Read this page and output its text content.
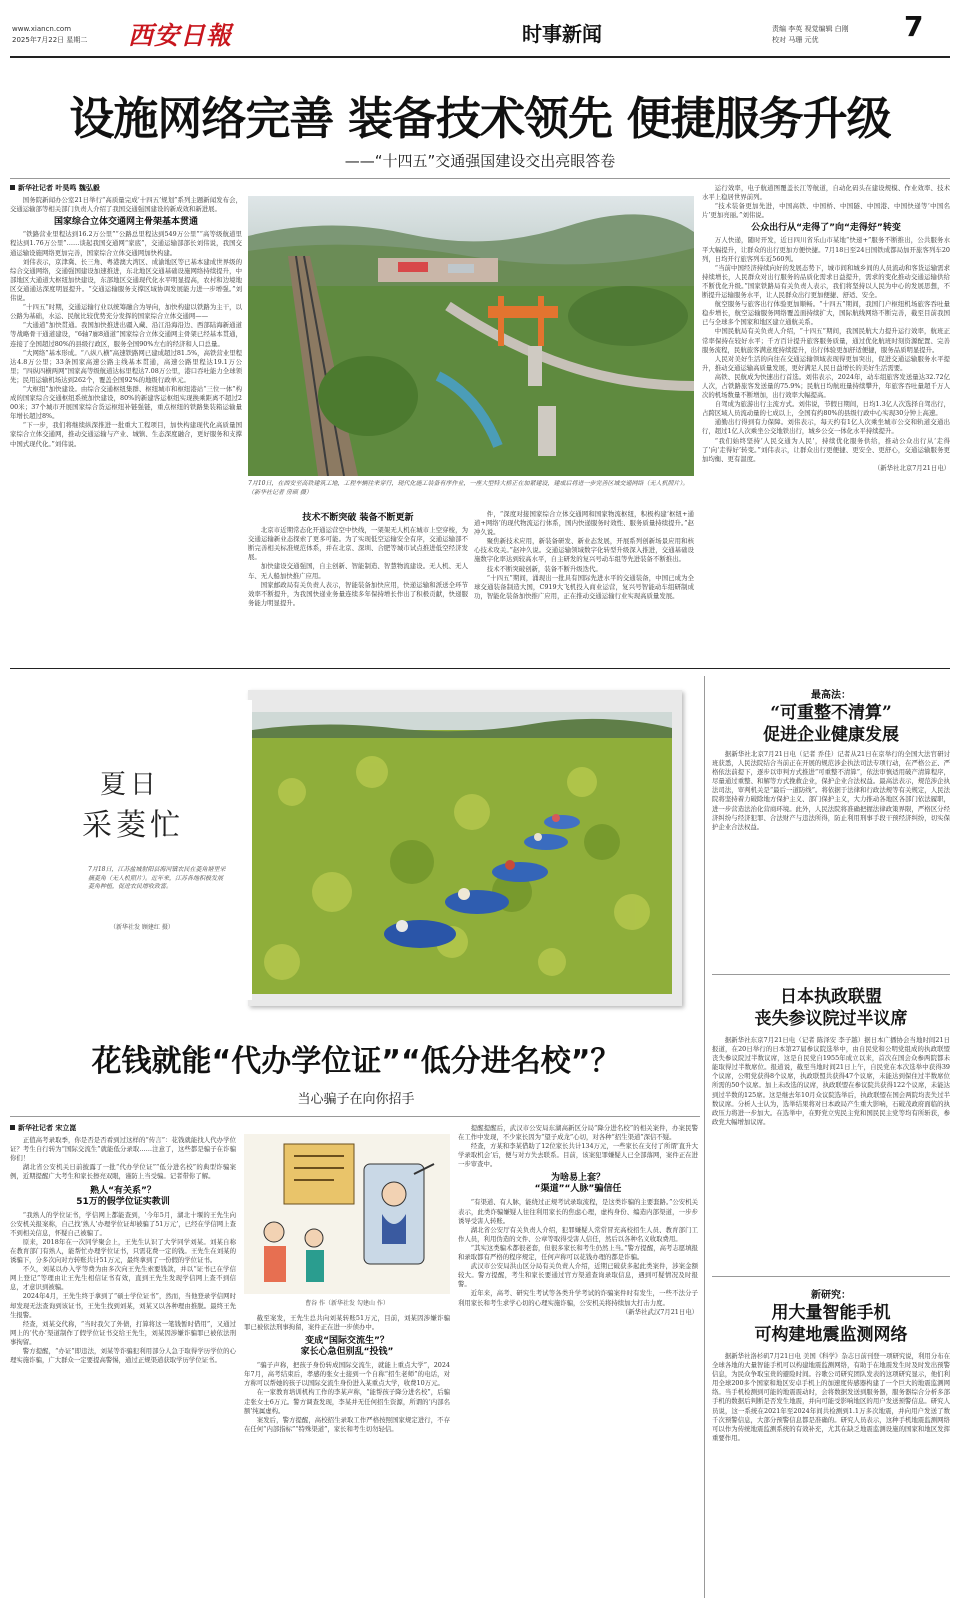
www.xiancn.com
2025年7月22日 星期二 西安日報	时事新闻	责编 李英 视觉编辑 白刚
校对 马珊 元优	7
设施网络完善 装备技术领先 便捷服务升级
——“十四五”交通强国建设交出亮眼答卷
新华社记者 叶昊鸣 魏弘毅

国务院新闻办公室21日举行“高质量完成‘十四五’规划”系列主题新闻发布会，交通运输部等相关部门负责人介绍了我国交通强国建设的新成效和新进展。

国家综合立体交通网主骨架基本贯通

“铁路营业里程达到16.2万公里”“公路总里程达到549万公里”“高等级航道里程达到1.76万公里”……谈起我国交通网“家底”，交通运输部部长刘伟说，我国交通运输设施网络更加完善，国家综合立体交通网加快构建。

刘伟表示，京津冀、长三角、粤港澳大湾区、成渝地区等已基本建成世界级的综合交通网络，交通强国建设加速推进，东北地区交通基础设施网络持续提升，中部地区大通道大枢纽加快建设，东部地区交通现代化水平明显提高，农村和边境地区交通通达深度明显提升。“交通运输服务支撑区域协调发展能力进一步增强。”刘伟说。

“十四五”时期，交通运输行业以统筹融合为导向，加快构建以铁路为主干，以公路为基础，水运、民航比较优势充分发挥的国家综合立体交通网——

“大通道”加快贯通。我国加快推进出疆入藏、沿江沿海沿边、西部陆海新通道等战略骨干通道建设，“6轴7廊8通道”国家综合立体交通网主骨架已经基本贯通，连接了全国超过80%的县级行政区，服务全国90%左右的经济和人口总量。

“大网络”基本形成。“八纵八横”高速铁路网已建成超过81.5%，高铁营业里程达4.8万公里；33条国家高速公路主线基本贯通，高速公路里程达19.1万公里；“四纵四横两网”国家高等级航道达标里程达7.08万公里，港口吞吐能力全球领先；民用运输机场达到262个，覆盖全国92%的地级行政单元。

“大枢纽”加快建设。由综合交通枢纽集群、枢纽城市和枢纽港站“三位一体”构成的国家综合交通枢纽系统加快建设，80%的新建客运枢纽实现换乘距离不超过200米；37个城市开展国家综合货运枢纽补链强链，重点枢纽的铁路集装箱运输量年增长超过8%。

“下一步，我们将继续纵深推进一批重大工程项目，加快构建现代化高质量国家综合立体交通网，推动交通运输与产业、城镇、生态深度融合，更好服务和支撑中国式现代化。”刘伟说。

7月10日，在西安至高铁建筑工地，工程车辆往来穿行，现代化施工装备有序作业，一座大型特大桥正在加紧建设，建成后将进一步完善区域交通网络（无人机照片）。（新华社记者 房硕 摄）
技术不断突破 装备不断更新

北京市近期常态化开通运营空中快线，一架架无人机在城市上空穿梭，为交通运输新业态探索了更多可能。为了实现低空运输安全有序，交通运输部不断完善相关标准规范体系，并在北京、深圳、合肥等城市试点推进低空经济发展。

加快建设交通强国，自主创新、智能制造、智慧物流建设。无人机、无人车、无人船加快推广应用。

国家邮政局有关负责人表示，智能装备加快应用，快递运输和派送全环节效率不断提升，为我国快递业务量连续多年保持增长作出了积极贡献，快递服务能力明显提升。

件，“深度对接国家综合立体交通网和国家物流枢纽，积极构建‘枢纽+通道+网络’的现代物流运行体系，国内快递服务时效性、服务质量持续提升。”赵冲久说。

聚焦新技术应用，新装备研发、新业态发展，开展系列创新场景应用和核心技术攻关。”赵冲久说。交通运输领域数字化转型升级深入推进，交通基础设施数字化率达到较高水平，自主研发的复兴号动车组等先进装备不断推出。

技术不断突破创新，装备不断升级迭代。

“十四五”期间，涌现出一批具有国际先进水平的交通装备，中国已成为全球交通装备制造大国，C919大飞机投入商业运营，复兴号智能动车组研制成功，智能化装备加快推广应用，正在推动交通运输行业实现高质量发展。

运行效率，电子航道图覆盖长江等航道，自动化码头在建设规模、作业效率、技术水平上稳居世界前列。

“技术装备更加先进，中国高铁、中国桥、中国隧、中国港、中国快递等‘中国名片’更加亮丽。”刘伟说。

公众出行从“走得了”向“走得好”转变

万人快递，随时开发，近日四川省乐山市某地“快递+”服务不断推出，公共服务水平大幅提升，让群众的出行更加方便快捷。7月18日至24日国铁成都局加开旅客列车20列，日均开行旅客列车近560列。

“当前中国经济持续向好的发展态势下，城市间和城乡间的人员流动和客货运输需求持续增长，人民群众对出行服务的品质化需求日益提升，需求的变化推动交通运输供给不断优化升级。”国家铁路局有关负责人表示，我们将坚持以人民为中心的发展思想，不断提升运输服务水平，让人民群众出行更加便捷、舒适、安全。

航空服务与旅客出行体验更加顺畅。“十四五”期间，我国门户枢纽机场旅客吞吐量稳步增长，航空运输服务网络覆盖面持续扩大，国际航线网络不断完善，截至目前我国已与全球多个国家和地区建立通航关系。

中国民航局有关负责人介绍，“十四五”期间，我国民航大力提升运行效率，航班正常率保持在较好水平；千方百计提升旅客服务质量，通过优化航班时刻资源配置、完善服务流程，民航旅客满意度持续提升，出行体验更加舒适便捷，服务品质明显提升。

人民对美好生活的向往在交通运输领域表现得更加突出，促进交通运输服务水平提升，推动交通运输高质量发展，更好满足人民日益增长的美好生活需要。

高铁、民航成为快速出行首选。刘伟表示，2024年，动车组旅客发送量达32.72亿人次，占铁路旅客发送量的75.9%；民航日均航班量持续攀升，年旅客吞吐量超千万人次的机场数量不断增加，出行效率大幅提高。

自驾成为旅游出行主流方式。刘伟说，节假日期间，日均1.3亿人次选择自驾出行，占跨区域人员流动量的七成以上，全国有约80%的县级行政中心实现30分钟上高速。

通勤出行得到有力保障。刘伟表示，每天约有1亿人次乘坐城市公交和轨道交通出行，超过1亿人次乘坐公交地铁出行，城乡公交一体化水平持续提升。

“我们始终坚持‘人民交通为人民’，持续优化服务供给，推动公众出行从‘走得了’向‘走得好’转变。”刘伟表示，让群众出行更便捷、更安全、更舒心，交通运输服务更加均衡、更有温度。

（新华社北京7月21日电）
夏日
采菱忙
7月18日，江苏盐城射阳县海河镇农民在菱角塘里采摘菱角（无人机照片）。近年来，江苏各地积极发展菱角种植，促进农民增收致富。
（新华社发 顾建红 摄）
花钱就能“代办学位证”“低分进名校”？
当心骗子在向你招手
新华社记者 宋立崑

正值高考录取季，你是否是否看到过这样的“传言”：花钱就能找人代办学位证？考生自行转为“国际交流生”就能低分录取……注意了，这些都是骗子在诈骗你们！

湖北省公安机关日前披露了一批“代办学位证”“低分进名校”的典型诈骗案例，近期提醒广大考生和家长擦亮双眼，谨防上当受骗。记者带你了解。

熟人“有关系”？
51万的假学位证实教训

“我熟人的学位证书，学信网上都能查到，‘今年5月，湖北十堰的王先生向公安机关报案称，自己找‘熟人’办理学位证却被骗了51万元’，已经在学信网上查不到相关信息，怀疑自己被骗了。

原来，2018年在一次同学聚会上，王先生认识了大学同学刘某。刘某自称在教育部门有熟人，能帮忙办理学位证书，只需花费一定的钱。王先生在刘某的诱骗下，分多次向对方转账共计51万元，最终拿到了一份假的学位证书。

不久，刘某以办入学等费为由多次向王先生索要钱款，并以“证书已在学信网上登记”等理由让王先生相信证书有效，直到王先生发现学信网上查不到信息，才意识到被骗。

2024年4月，王先生终于拿到了“硕士学位证书”，然而，当他登录学信网时却发现无法查询到该证书，王先生找到刘某，刘某又以各种理由推脱。最终王先生报警。

经查，刘某交代称，“当时我欠了外债，打算将这一笔钱暂时借用”，又通过网上的‘代办’渠道制作了假学位证书交给王先生，刘某因涉嫌诈骗罪已被依法刑事拘留。

警方提醒，“办证”即违法，刘某等诈骗犯利用部分人急于取得学历学位的心理实施诈骗，广大群众一定要提高警惕，通过正规渠道获取学历学位证书。

曹谷 作（新华社发 勾建山 作）

截至案发，王先生总共向刘某转账51万元，目前，刘某因涉嫌诈骗罪已被依法刑事拘留，案件正在进一步侦办中。

变成“国际交流生”？
家长心急但别乱“投钱”

“骗子声称，把孩子身份转成国际交流生，就能上重点大学”，2024年7月，高考结束后，孝感的张女士接到一个自称“招生老师”的电话，对方称可以帮她的孩子以国际交流生身份进入某重点大学，收费10万元。

在一家教育培训机构工作的李某声称，“能帮孩子降分进名校”，后骗走张女士6万元。警方调查发现，李某并无任何招生资源，所谓的‘内部名额’纯属虚构。

案发后，警方提醒，高校招生录取工作严格按照国家规定进行，不存在任何“内部指标”“特殊渠道”，家长和考生切勿轻信。

提醒提醒后，武汉市公安局东湖高新区分局“降分进名校”的相关案件，办案民警在工作中发现，不少家长因为“望子成龙”心切，对各种“招生渠道”深信不疑。

经查，方某和李某借助了12位家长共计134万元，一些家长在支付了所谓‘直升大学录取机会’后，便与对方失去联系。目前，该案犯罪嫌疑人已全部落网，案件正在进一步审查中。

为啥易上套？
“渠道”“人脉”骗信任

“有渠道、有人脉，能绕过正规考试录取流程，是这类诈骗的主要套路。”公安机关表示，此类诈骗嫌疑人往往利用家长的焦虑心理，虚构身份、编造内部渠道，一步步诱导受害人转账。

湖北省公安厅有关负责人介绍，犯罪嫌疑人常常冒充高校招生人员、教育部门工作人员，利用伪造的文件、公章等取得受害人信任，然后以各种名义收取费用。

“其实这类骗术都很老套，但很多家长和考生仍然上当。”警方提醒，高考志愿填报和录取都有严格的程序规定，任何声称可以花钱办理的都是诈骗。

武汉市公安局洪山区分局有关负责人介绍，近期已破获多起此类案件，涉案金额较大。警方提醒，考生和家长要通过官方渠道查询录取信息，遇到可疑情况及时报警。

近年来，高考、研究生考试等各类升学考试的诈骗案件时有发生，一些不法分子利用家长和考生求学心切的心理实施诈骗，公安机关将持续加大打击力度。

（新华社武汉7月21日电）
最高法：
“可重整不清算”
促进企业健康发展
据新华社北京7月21日电（记者 乔佳）记者从21日在京举行的全国大法官研讨班获悉，人民法院结合当前正在开展的规范涉企执法司法专项行动，在严格公正、严格依法前提下，逐步以审判方式推进“可重整不清算”，依法审慎适用破产清算程序，尽量通过重整、和解等方式挽救企业，保护企业合法权益。最高法表示，规范涉企执法司法，审判机关是“最后一道防线”。将依据于法律和行政法规等有关规定，人民法院将坚持着力破除地方保护主义、部门保护主义，大力推动各地区各部门依法履职，进一步营造法治化营商环境。此外，人民法院将准确把握法律政策界限，严格区分经济纠纷与经济犯罪、合法财产与违法所得，防止利用刑事手段干预经济纠纷，切实保护企业合法权益。
日本执政联盟
丧失参议院过半议席
据新华社东京7月21日电（记者 陈泽安 李子越）据日本广播协会当地时间21日报道，在20日举行的日本第27届参议院选举中，由自民党和公明党组成的执政联盟丧失参议院过半数议席，这是自民党自1955年成立以来，首次在国会众参两院都未能取得过半数席位。报道说，截至当地时间21日上午，自民党在本次选举中获得39个议席，公明党获得8个议席，执政联盟共获得47个议席，未能达到保住过半数席位所需的50个议席。加上未改选的议席，执政联盟在参议院共获得122个议席，未能达到过半数的125席。这是继去年10月众议院选举后，执政联盟在国会两院均丧失过半数议席。分析人士认为，选举结果将对日本政局产生重大影响，石破茂政府面临的执政压力将进一步加大。在选举中，在野党立宪民主党和国民民主党等均有所斩获，参政党大幅增加议席。
新研究：
用大量智能手机
可构建地震监测网络
据新华社洛杉矶7月21日电 美国《科学》杂志日前刊登一项研究说，利用分布在全球各地的大量智能手机可以构建地震监测网络，有助于在地震发生时及时发出预警信息，为民众争取宝贵的避险时间。谷歌公司研究团队发表的这项研究显示，他们利用全球200多个国家和地区安卓手机上的加速度传感器构建了一个巨大的地震监测网络。当手机检测到可能的地震震动时，会将数据发送到服务器，服务器综合分析多部手机的数据后判断是否发生地震，并向可能受影响地区的用户发送预警信息。研究人员说，这一系统在2021年至2024年间共检测到1.1万多次地震，并向用户发送了数千次预警信息，大部分预警信息都是准确的。研究人员表示，这种手机地震监测网络可以作为传统地震监测系统的有效补充，尤其在缺乏地震监测设施的国家和地区发挥重要作用。
